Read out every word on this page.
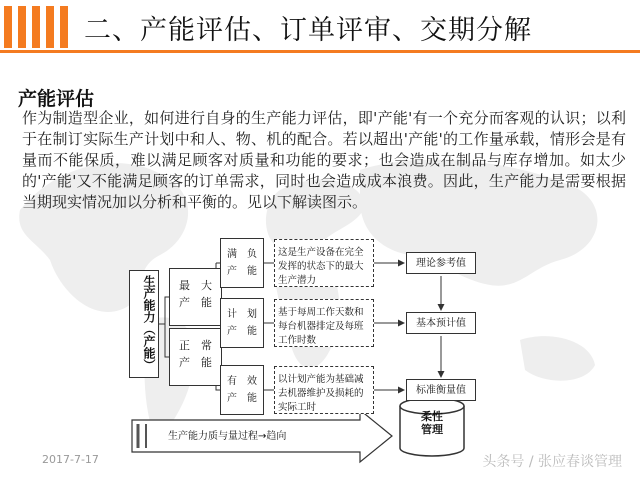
二、产能评估、订单评审、交期分解
产能评估
作为制造型企业，如何进行自身的生产能力评估，即'产能'有一个充分而客观的认识；以利于在制订实际生产计划中和人、物、机的配合。若以超出'产能'的工作量承载，情形会是有量而不能保质，难以满足顾客对质量和功能的要求；也会造成在制品与库存增加。如太少的'产能'又不能满足顾客的订单需求，同时也会造成成本浪费。因此，生产能力是需要根据当期现实情况加以分析和平衡的。见以下解读图示。
生产能力（产能）	最　大
产　能
正　常
产　能
满　负
产　能
计　划
产　能
有　效
产　能
这是生产设备在完全发挥的状态下的最大生产潜力
基于每周工作天数和每台机器排定及每班工作时数
以计划产能为基础减去机器维护及损耗的实际工时
理论参考值
基本预计值
标准衡量值
柔性
管理
生产能力质与量过程→趋向
2017-7-17	头条号 / 张应春谈管理
